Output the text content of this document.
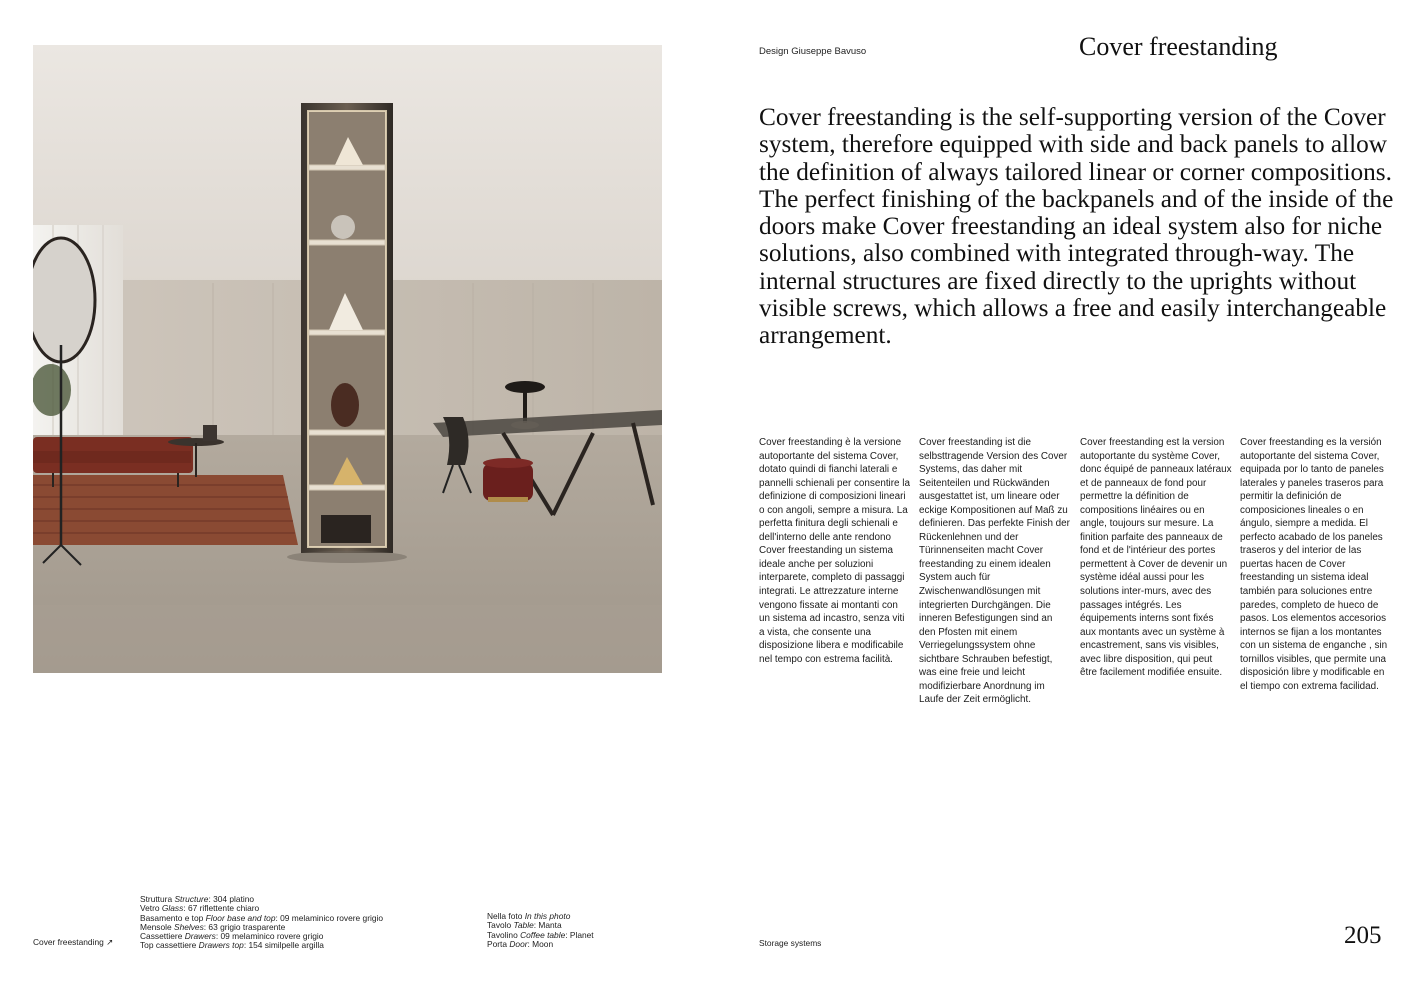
Cover freestanding ↗
Struttura Structure: 304 platino
Vetro Glass: 67 riflettente chiaro
Basamento e top Floor base and top: 09 melaminico rovere grigio
Mensole Shelves: 63 grigio trasparente
Cassettiere Drawers: 09 melaminico rovere grigio
Top cassettiere Drawers top: 154 similpelle argilla
Nella foto In this photo
Tavolo Table: Manta
Tavolino Coffee table: Planet
Porta Door: Moon
Design Giuseppe Bavuso	Cover freestanding

Cover freestanding is the self-supporting version of the Cover system, therefore equipped with side and back panels to allow the definition of always tailored linear or corner compositions. The perfect finishing of the backpanels and of the inside of the doors make Cover freestanding an ideal system also for niche solutions, also combined with integrated through-way. The internal structures are fixed directly to the uprights without visible screws, which allows a free and easily interchangeable arrangement.

Cover freestanding è la versione autoportante del sistema Cover, dotato quindi di fianchi laterali e pannelli schienali per consentire la definizione di composizioni lineari o con angoli, sempre a misura. La perfetta finitura degli schienali e dell'interno delle ante rendono Cover freestanding un sistema ideale anche per soluzioni interparete, completo di passaggi integrati. Le attrezzature interne vengono fissate ai montanti con un sistema ad incastro, senza viti a vista, che consente una disposizione libera e modificabile nel tempo con estrema facilità.

Cover freestanding ist die selbsttragende Version des Cover Systems, das daher mit Seitenteilen und Rückwänden ausgestattet ist, um lineare oder eckige Kompositionen auf Maß zu definieren. Das perfekte Finish der Rückenlehnen und der Türinnenseiten macht Cover freestanding zu einem idealen System auch für Zwischenwandlösungen mit integrierten Durchgängen. Die inneren Befestigungen sind an den Pfosten mit einem Verriegelungssystem ohne sichtbare Schrauben befestigt, was eine freie und leicht modifizierbare Anordnung im Laufe der Zeit ermöglicht.

Cover freestanding est la version autoportante du système Cover, donc équipé de panneaux latéraux et de panneaux de fond pour permettre la définition de compositions linéaires ou en angle, toujours sur mesure. La finition parfaite des panneaux de fond et de l'intérieur des portes permettent à Cover de devenir un système idéal aussi pour les solutions inter-murs, avec des passages intégrés. Les équipements interns sont fixés aux montants avec un système à encastrement, sans vis visibles, avec libre disposition, qui peut être facilement modifiée ensuite.

Cover freestanding es la versión autoportante del sistema Cover, equipada por lo tanto de paneles laterales y paneles traseros para permitir la definición de composiciones lineales o en ángulo, siempre a medida. El perfecto acabado de los paneles traseros y del interior de las puertas hacen de Cover freestanding un sistema ideal también para soluciones entre paredes, completo de hueco de pasos. Los elementos accesorios internos se fijan a los montantes con un sistema de enganche , sin tornillos visibles, que permite una disposición libre y modificable en el tiempo con extrema facilidad.

Storage systems	205
